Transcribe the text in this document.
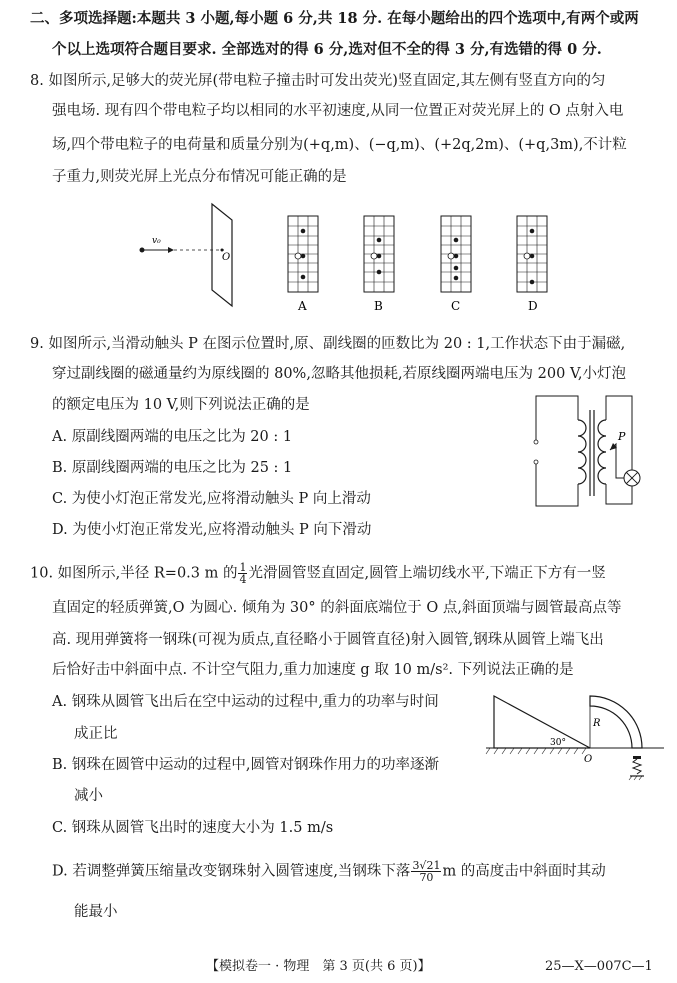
二、多项选择题:本题共 3 小题,每小题 6 分,共 18 分. 在每小题给出的四个选项中,有两个或两
个以上选项符合题目要求. 全部选对的得 6 分,选对但不全的得 3 分,有选错的得 0 分.
8. 如图所示,足够大的荧光屏(带电粒子撞击时可发出荧光)竖直固定,其左侧有竖直方向的匀
强电场. 现有四个带电粒子均以相同的水平初速度,从同一位置正对荧光屏上的 O 点射入电
场,四个带电粒子的电荷量和质量分别为(+q,m)、(−q,m)、(+2q,2m)、(+q,3m),不计粒
子重力,则荧光屏上光点分布情况可能正确的是
v₀
O
A	B	C	D
9. 如图所示,当滑动触头 P 在图示位置时,原、副线圈的匝数比为 20 : 1,工作状态下由于漏磁,
穿过副线圈的磁通量约为原线圈的 80%,忽略其他损耗,若原线圈两端电压为 200 V,小灯泡
的额定电压为 10 V,则下列说法正确的是
A. 原副线圈两端的电压之比为 20 : 1
B. 原副线圈两端的电压之比为 25 : 1
C. 为使小灯泡正常发光,应将滑动触头 P 向上滑动
D. 为使小灯泡正常发光,应将滑动触头 P 向下滑动
P
10. 如图所示,半径 R=0.3 m 的 $\frac{1}{4}$ 光滑圆管竖直固定,圆管上端切线水平,下端正下方有一竖
直固定的轻质弹簧,O 为圆心. 倾角为 30° 的斜面底端位于 O 点,斜面顶端与圆管最高点等
高. 现用弹簧将一钢珠(可视为质点,直径略小于圆管直径)射入圆管,钢珠从圆管上端飞出
后恰好击中斜面中点. 不计空气阻力,重力加速度 g 取 10 m/s². 下列说法正确的是
A. 钢珠从圆管飞出后在空中运动的过程中,重力的功率与时间
成正比
B. 钢珠在圆管中运动的过程中,圆管对钢珠作用力的功率逐渐
减小
C. 钢珠从圆管飞出时的速度大小为 1.5 m/s
D. 若调整弹簧压缩量改变钢珠射入圆管速度,当钢珠下落 $\frac{3√21}{70}$ m 的高度击中斜面时其动
能最小
30°
R
O
【模拟卷一 · 物理　第 3 页(共 6 页)】	25—X—007C—1
